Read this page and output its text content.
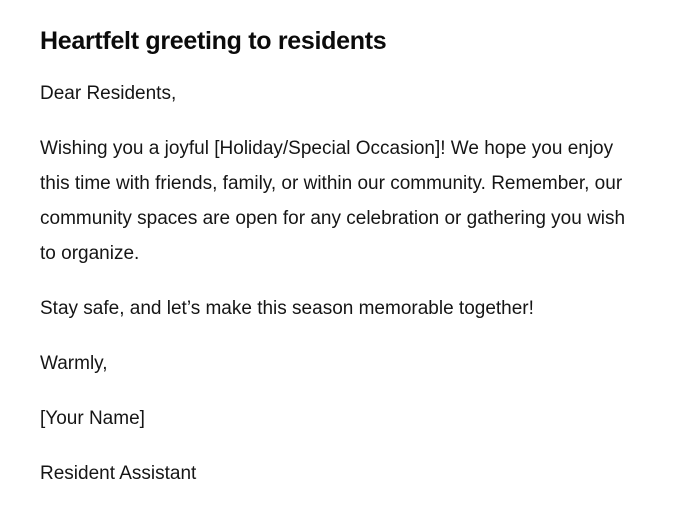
Heartfelt greeting to residents

Dear Residents,

Wishing you a joyful [Holiday/Special Occasion]! We hope you enjoy this time with friends, family, or within our community. Remember, our community spaces are open for any celebration or gathering you wish to organize.

Stay safe, and let’s make this season memorable together!

Warmly,

[Your Name]

Resident Assistant
